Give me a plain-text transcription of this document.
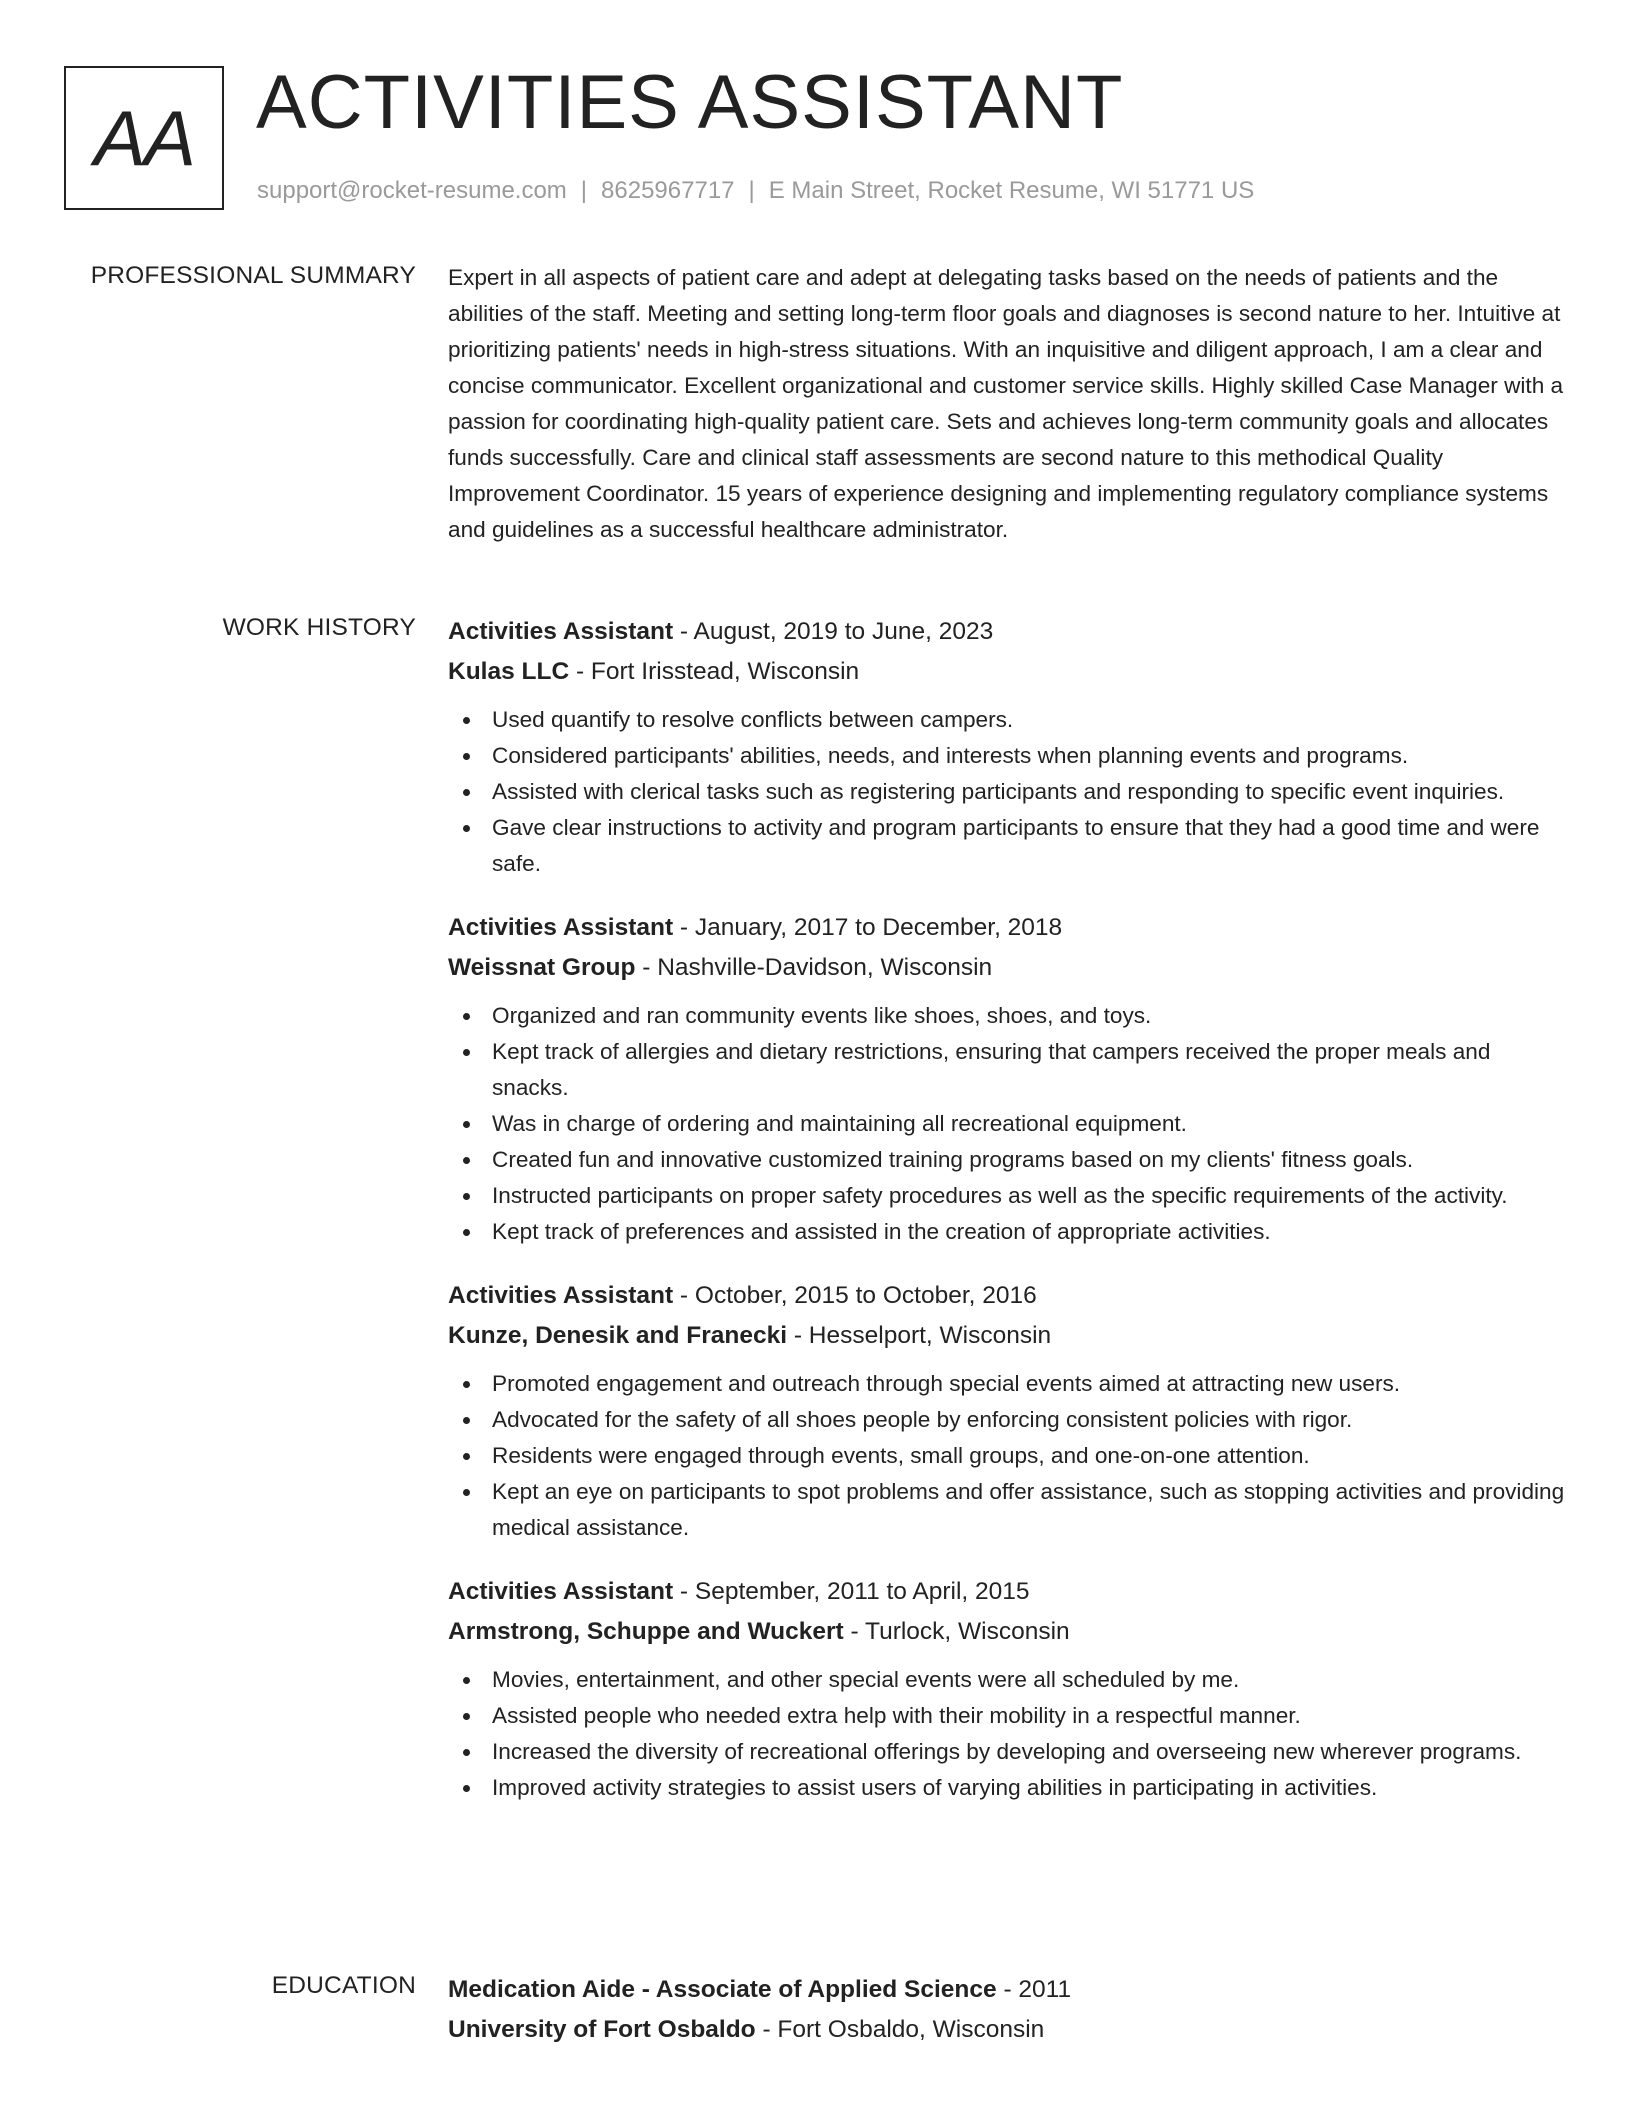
AA ACTIVITIES ASSISTANT
support@rocket-resume.com | 8625967717 | E Main Street, Rocket Resume, WI 51771 US
PROFESSIONAL SUMMARY Expert in all aspects of patient care and adept at delegating tasks based on the needs of patients and the abilities of the staff. Meeting and setting long-term floor goals and diagnoses is second nature to her. Intuitive at prioritizing patients' needs in high-stress situations. With an inquisitive and diligent approach, I am a clear and concise communicator. Excellent organizational and customer service skills. Highly skilled Case Manager with a passion for coordinating high-quality patient care. Sets and achieves long-term community goals and allocates funds successfully. Care and clinical staff assessments are second nature to this methodical Quality Improvement Coordinator. 15 years of experience designing and implementing regulatory compliance systems and guidelines as a successful healthcare administrator.

WORK HISTORY Activities Assistant - August, 2019 to June, 2023
Kulas LLC - Fort Irisstead, Wisconsin
Used quantify to resolve conflicts between campers.
Considered participants' abilities, needs, and interests when planning events and programs.
Assisted with clerical tasks such as registering participants and responding to specific event inquiries.
Gave clear instructions to activity and program participants to ensure that they had a good time and were safe.
Activities Assistant - January, 2017 to December, 2018
Weissnat Group - Nashville-Davidson, Wisconsin
Organized and ran community events like shoes, shoes, and toys.
Kept track of allergies and dietary restrictions, ensuring that campers received the proper meals and snacks.
Was in charge of ordering and maintaining all recreational equipment.
Created fun and innovative customized training programs based on my clients' fitness goals.
Instructed participants on proper safety procedures as well as the specific requirements of the activity.
Kept track of preferences and assisted in the creation of appropriate activities.
Activities Assistant - October, 2015 to October, 2016
Kunze, Denesik and Franecki - Hesselport, Wisconsin
Promoted engagement and outreach through special events aimed at attracting new users.
Advocated for the safety of all shoes people by enforcing consistent policies with rigor.
Residents were engaged through events, small groups, and one-on-one attention.
Kept an eye on participants to spot problems and offer assistance, such as stopping activities and providing medical assistance.
Activities Assistant - September, 2011 to April, 2015
Armstrong, Schuppe and Wuckert - Turlock, Wisconsin
Movies, entertainment, and other special events were all scheduled by me.
Assisted people who needed extra help with their mobility in a respectful manner.
Increased the diversity of recreational offerings by developing and overseeing new wherever programs.
Improved activity strategies to assist users of varying abilities in participating in activities.
EDUCATION Medication Aide - Associate of Applied Science - 2011
University of Fort Osbaldo - Fort Osbaldo, Wisconsin
